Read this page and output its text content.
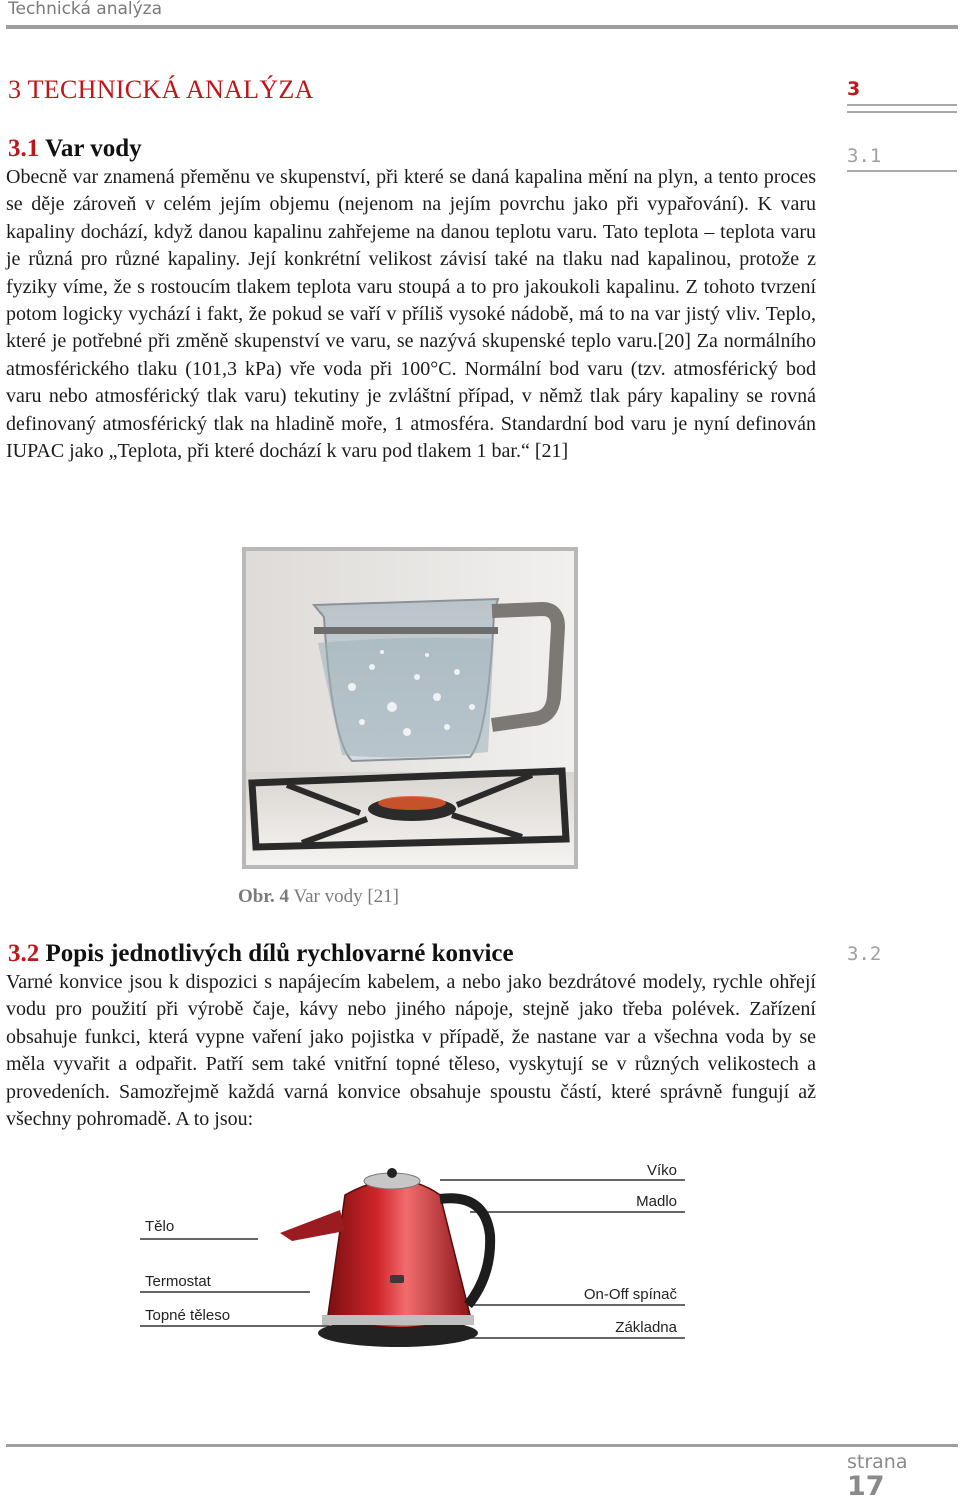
Technická analýza
3 TECHNICKÁ ANALÝZA	3
3.1 Var vody	3.1
Obecně var znamená přeměnu ve skupenství, při které se daná kapalina mění na plyn, a tento proces se děje zároveň v celém jejím objemu (nejenom na jejím povrchu jako při vypařování). K varu kapaliny dochází, když danou kapalinu zahřejeme na danou teplotu varu. Tato teplota – teplota varu je různá pro různé kapaliny. Její konkrétní velikost závisí také na tlaku nad kapalinou, protože z fyziky víme, že s rostoucím tlakem teplota varu stoupá a to pro jakoukoli kapalinu. Z tohoto tvrzení potom logicky vychází i fakt, že pokud se vaří v příliš vysoké nádobě, má to na var jistý vliv. Teplo, které je potřebné při změně skupenství ve varu, se nazývá skupenské teplo varu.[20] Za normálního atmosférického tlaku (101,3 kPa) vře voda při 100°C. Normální bod varu (tzv. atmosférický bod varu nebo atmosférický tlak varu) tekutiny je zvláštní případ, v němž tlak páry kapaliny se rovná definovaný atmosférický tlak na hladině moře, 1 atmosféra. Standardní bod varu je nyní definován IUPAC jako „Teplota, při které dochází k varu pod tlakem 1 bar.“ [21]
Obr. 4 Var vody [21]
3.2 Popis jednotlivých dílů rychlovarné konvice	3.2
Varné konvice jsou k dispozici s napájecím kabelem, a nebo jako bezdrátové modely, rychle ohřejí vodu pro použití při výrobě čaje, kávy nebo jiného nápoje, stejně jako třeba polévek. Zařízení obsahuje funkci, která vypne vaření jako pojistka v případě, že nastane var a všechna voda by se měla vyvařit a odpařit. Patří sem také vnitřní topné těleso, vyskytují se v různých velikostech a provedeních. Samozřejmě každá varná konvice obsahuje spoustu částí, které správně fungují až všechny pohromadě. A to jsou:
Tělo
Termostat
Topné těleso
Víko
Madlo
On-Off spínač
Základna
strana
17
